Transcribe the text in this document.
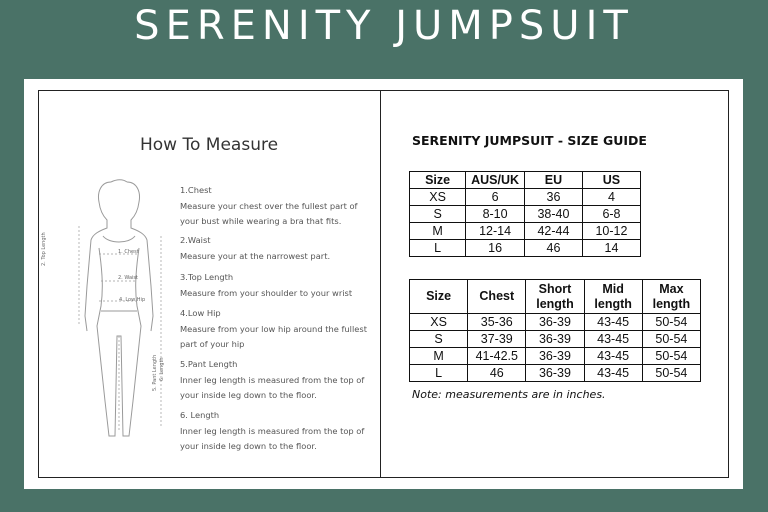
SERENITY JUMPSUIT
How To Measure
1. Chest
2. Waist
4. Low Hip
2. Top Length
5. Pant Length 6. Length
1.Chest
Measure your chest over the fullest part of
your bust while wearing a bra that fits.
2.Waist
Measure your at the narrowest part.
3.Top Length
Measure from your shoulder to your wrist
4.Low Hip
Measure from your low hip around the fullest
part of your hip
5.Pant Length
Inner leg length is measured from the top of
your inside leg down to the floor.
6. Length
Inner leg length is measured from the top of
your inside leg down to the floor.
SERENITY JUMPSUIT - SIZE GUIDE
Size	AUS/UK	EU	US
XS	6	36	4
S	8-10	38-40	6-8
M	12-14	42-44	10-12
L	16	46	14
Size	Chest	Short length	Mid length	Max length
XS	35-36	36-39	43-45	50-54
S	37-39	36-39	43-45	50-54
M	41-42.5	36-39	43-45	50-54
L	46	36-39	43-45	50-54
Note: measurements are in inches.
